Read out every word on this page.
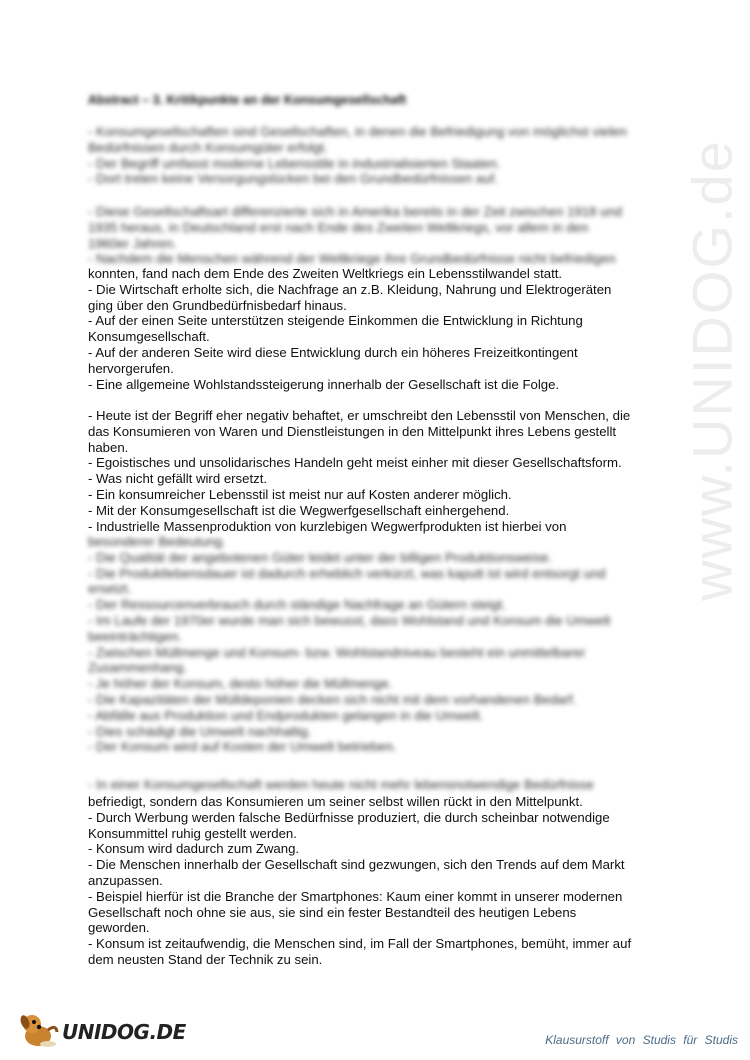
www.UNIDOG.de
Abstract – 3. Kritikpunkte an der Konsumgesellschaft

- Konsumgesellschaften sind Gesellschaften, in denen die Befriedigung von möglichst vielen

Bedürfnissen durch Konsumgüter erfolgt.

- Der Begriff umfasst moderne Lebensstile in industrialisierten Staaten.

- Dort treten keine Versorgungslücken bei den Grundbedürfnissen auf.

- Diese Gesellschaftsart differenzierte sich in Amerika bereits in der Zeit zwischen 1918 und

1935 heraus, in Deutschland erst nach Ende des Zweiten Weltkriegs, vor allem in den

1960er Jahren.

- Nachdem die Menschen während der Weltkriege ihre Grundbedürfnisse nicht befriedigen

konnten, fand nach dem Ende des Zweiten Weltkriegs ein Lebensstilwandel statt.

- Die Wirtschaft erholte sich, die Nachfrage an z.B. Kleidung, Nahrung und Elektrogeräten

ging über den Grundbedürfnisbedarf hinaus.

- Auf der einen Seite unterstützen steigende Einkommen die Entwicklung in Richtung

Konsumgesellschaft.

- Auf der anderen Seite wird diese Entwicklung durch ein höheres Freizeitkontingent

hervorgerufen.

- Eine allgemeine Wohlstandssteigerung innerhalb der Gesellschaft ist die Folge.

- Heute ist der Begriff eher negativ behaftet, er umschreibt den Lebensstil von Menschen, die

das Konsumieren von Waren und Dienstleistungen in den Mittelpunkt ihres Lebens gestellt

haben.

- Egoistisches und unsolidarisches Handeln geht meist einher mit dieser Gesellschaftsform.

- Was nicht gefällt wird ersetzt.

- Ein konsumreicher Lebensstil ist meist nur auf Kosten anderer möglich.

- Mit der Konsumgesellschaft ist die Wegwerfgesellschaft einhergehend.

- Industrielle Massenproduktion von kurzlebigen Wegwerfprodukten ist hierbei von

besonderer Bedeutung.

- Die Qualität der angebotenen Güter leidet unter der billigen Produktionsweise.

- Die Produktlebensdauer ist dadurch erheblich verkürzt, was kaputt ist wird entsorgt und

ersetzt.

- Der Ressourcenverbrauch durch ständige Nachfrage an Gütern steigt.

- Im Laufe der 1970er wurde man sich bewusst, dass Wohlstand und Konsum die Umwelt

beeinträchtigen.

- Zwischen Müllmenge und Konsum- bzw. Wohlstandniveau besteht ein unmittelbarer

Zusammenhang.

- Je höher der Konsum, desto höher die Müllmenge.

- Die Kapazitäten der Mülldeponien decken sich nicht mit dem vorhandenen Bedarf.

- Abfälle aus Produktion und Endprodukten gelangen in die Umwelt.

- Dies schädigt die Umwelt nachhaltig.

- Der Konsum wird auf Kosten der Umwelt betrieben.

- In einer Konsumgesellschaft werden heute nicht mehr lebensnotwendige Bedürfnisse

befriedigt, sondern das Konsumieren um seiner selbst willen rückt in den Mittelpunkt.

- Durch Werbung werden falsche Bedürfnisse produziert, die durch scheinbar notwendige

Konsummittel ruhig gestellt werden.

- Konsum wird dadurch zum Zwang.

- Die Menschen innerhalb der Gesellschaft sind gezwungen, sich den Trends auf dem Markt

anzupassen.

- Beispiel hierfür ist die Branche der Smartphones: Kaum einer kommt in unserer modernen

Gesellschaft noch ohne sie aus, sie sind ein fester Bestandteil des heutigen Lebens

geworden.

- Konsum ist zeitaufwendig, die Menschen sind, im Fall der Smartphones, bemüht, immer auf

dem neusten Stand der Technik zu sein.

UNIDOG.DE	Klausurstoff von Studis für Studis
